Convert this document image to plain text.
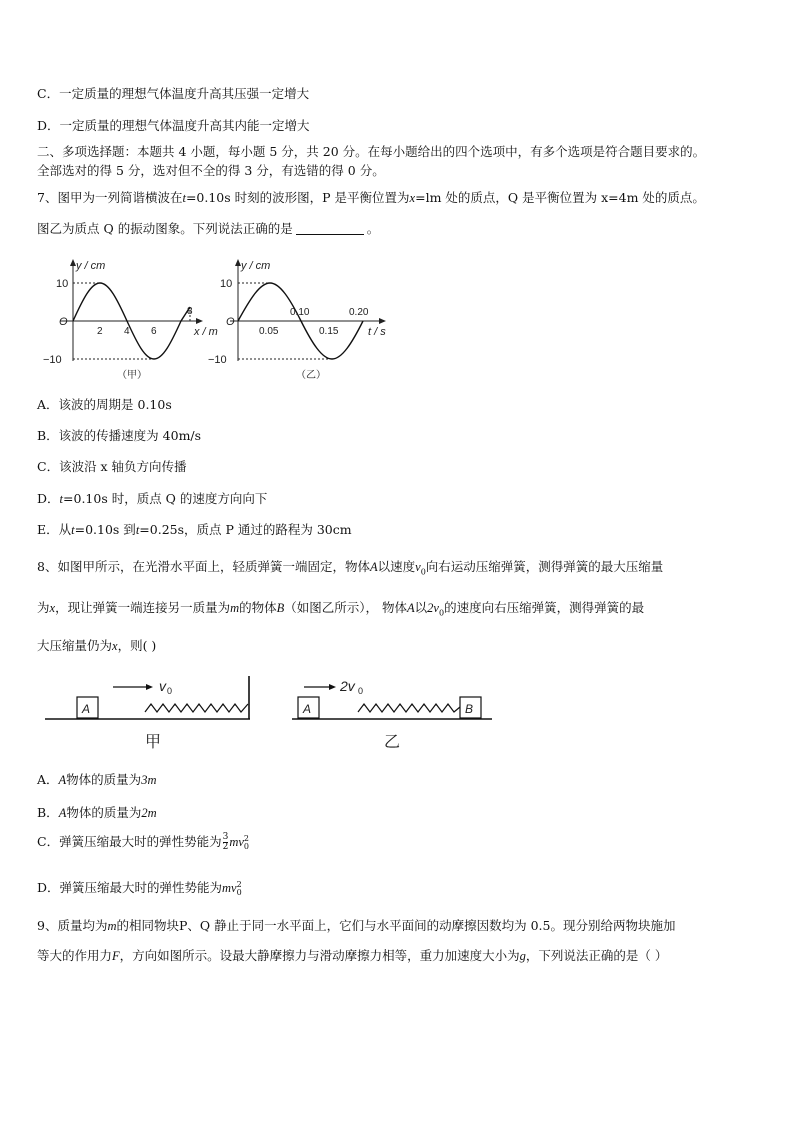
C．一定质量的理想气体温度升高其压强一定增大
D．一定质量的理想气体温度升高其内能一定增大
二、多项选择题：本题共 4 小题，每小题 5 分，共 20 分。在每小题给出的四个选项中，有多个选项是符合题目要求的。
全部选对的得 5 分，选对但不全的得 3 分，有选错的得 0 分。
7、图甲为一列简谐横波在t=0.10s 时刻的波形图，P 是平衡位置为x=lm 处的质点，Q 是平衡位置为 x=4m 处的质点。
图乙为质点 Q 的振动图象。下列说法正确的是	。
y / cm
10
−10
O
2 4 6
8
x / m
（甲）
y / cm
10
−10
O
0.05	0.15
0.10	0.20
t / s
（乙）
A．该波的周期是 0.10s
B．该波的传播速度为 40m/s
C．该波沿 x 轴负方向传播
D．t=0.10s 时，质点 Q 的速度方向向下
E．从t=0.10s 到t=0.25s，质点 P 通过的路程为 30cm
8、如图甲所示，在光滑水平面上，轻质弹簧一端固定，物体A以速度$v_0$向右运动压缩弹簧，测得弹簧的最大压缩量
为x，现让弹簧一端连接另一质量为m的物体B（如图乙所示）， 物体A以$2v_0$的速度向右压缩弹簧，测得弹簧的最
大压缩量仍为x，则( )
A
v 0
甲
A	B
2v 0
乙
A．A物体的质量为3m
B．A物体的质量为2m
C．弹簧压缩最大时的弹性势能为 $\frac{3}{2}$ mv 2
0
D．弹簧压缩最大时的弹性势能为mv 2
0
9、质量均为m的相同物块P、Q 静止于同一水平面上，它们与水平面间的动摩擦因数均为 0.5。现分别给两物块施加
等大的作用力F，方向如图所示。设最大静摩擦力与滑动摩擦力相等，重力加速度大小为g，下列说法正确的是（ ）
